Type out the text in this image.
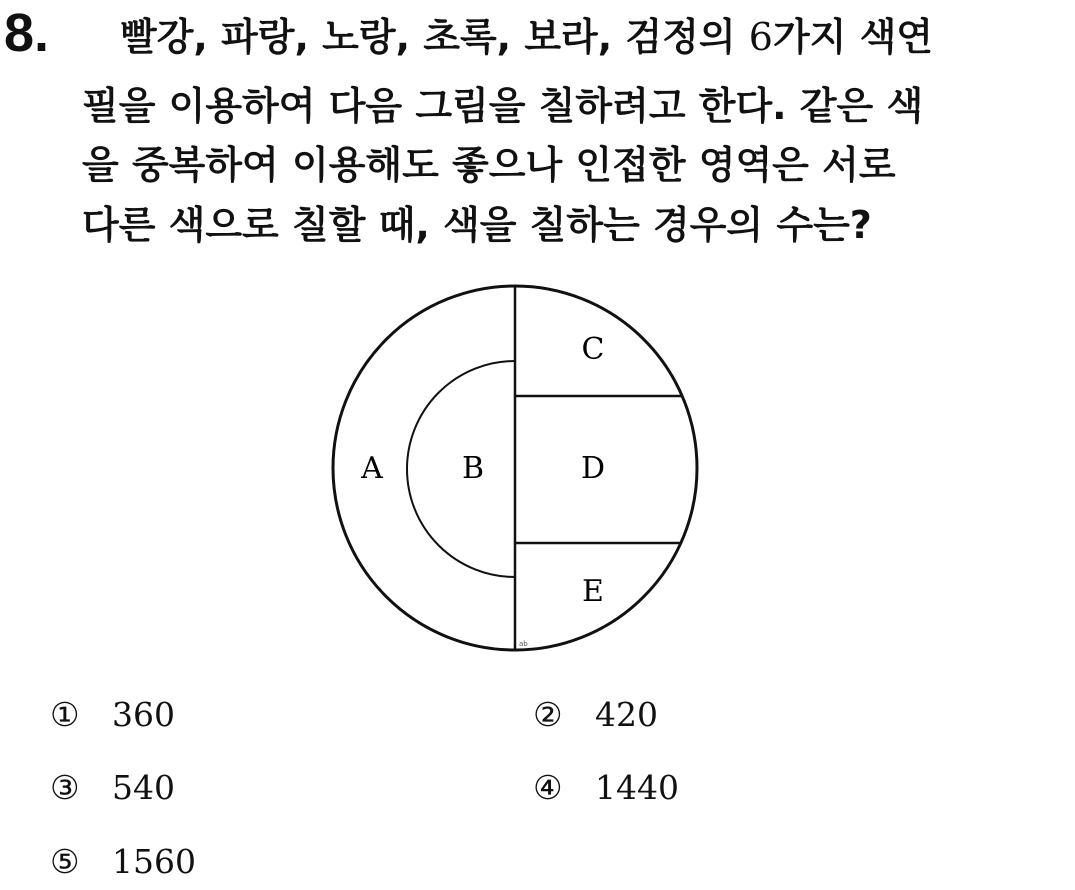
8. 빨강, 파랑, 노랑, 초록, 보라, 검정의 6가지 색연
필을 이용하여 다음 그림을 칠하려고 한다. 같은 색
을 중복하여 이용해도 좋으나 인접한 영역은 서로
다른 색으로 칠할 때, 색을 칠하는 경우의 수는?
A	B
C
D
E
ab
① 360	② 420
③ 540	④ 1440
⑤ 1560
